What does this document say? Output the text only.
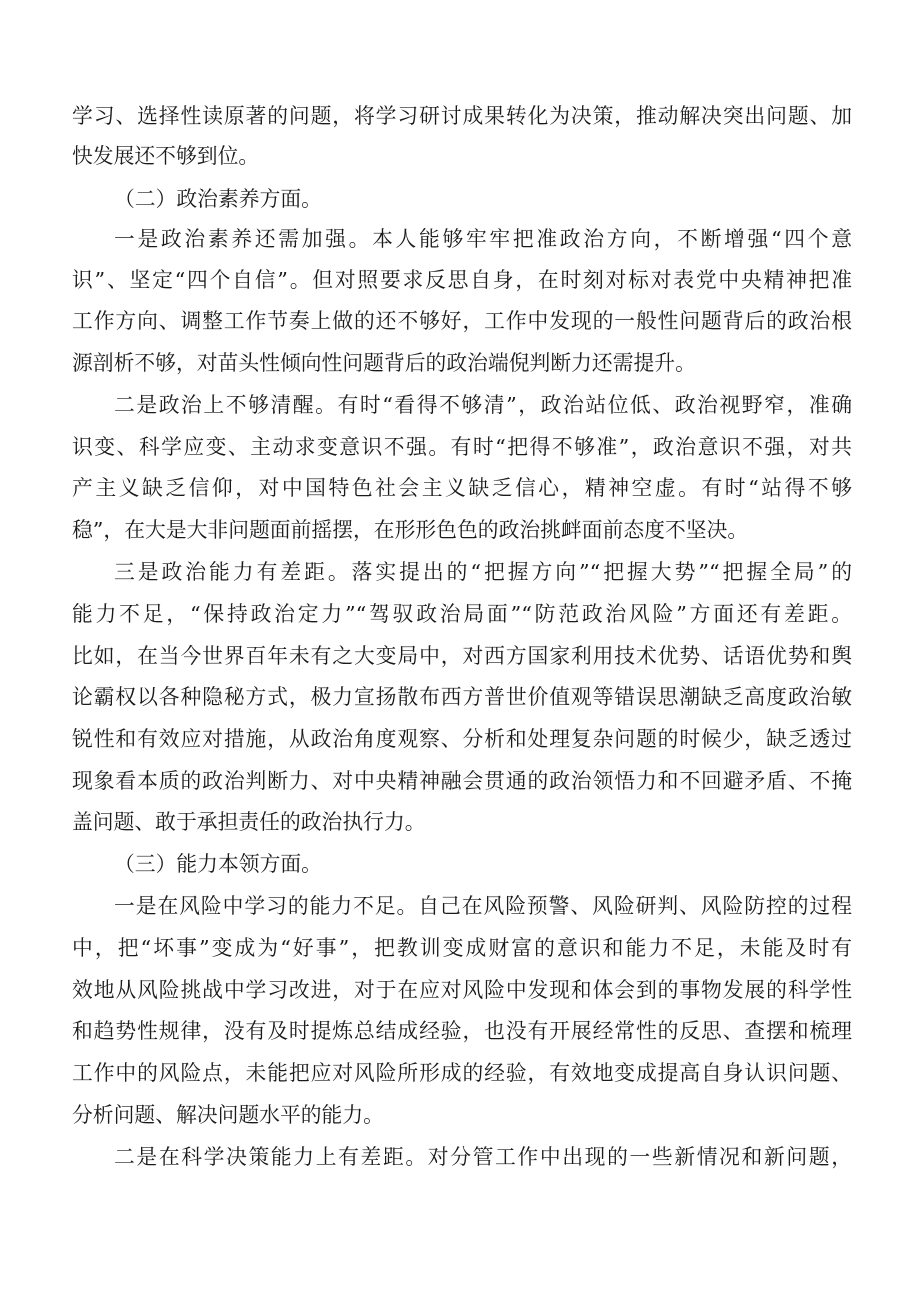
学习、选择性读原著的问题，将学习研讨成果转化为决策，推动解决突出问题、加
快发展还不够到位。
（二）政治素养方面。
一是政治素养还需加强。本人能够牢牢把准政治方向，不断增强“四个意
识”、坚定“四个自信”。但对照要求反思自身，在时刻对标对表党中央精神把准
工作方向、调整工作节奏上做的还不够好，工作中发现的一般性问题背后的政治根
源剖析不够，对苗头性倾向性问题背后的政治端倪判断力还需提升。
二是政治上不够清醒。有时“看得不够清”，政治站位低、政治视野窄，准确
识变、科学应变、主动求变意识不强。有时“把得不够准”，政治意识不强，对共
产主义缺乏信仰，对中国特色社会主义缺乏信心，精神空虚。有时“站得不够
稳”，在大是大非问题面前摇摆，在形形色色的政治挑衅面前态度不坚决。
三是政治能力有差距。落实提出的“把握方向”“把握大势”“把握全局”的
能力不足，“保持政治定力”“驾驭政治局面”“防范政治风险”方面还有差距。
比如，在当今世界百年未有之大变局中，对西方国家利用技术优势、话语优势和舆
论霸权以各种隐秘方式，极力宣扬散布西方普世价值观等错误思潮缺乏高度政治敏
锐性和有效应对措施，从政治角度观察、分析和处理复杂问题的时候少，缺乏透过
现象看本质的政治判断力、对中央精神融会贯通的政治领悟力和不回避矛盾、不掩
盖问题、敢于承担责任的政治执行力。
（三）能力本领方面。
一是在风险中学习的能力不足。自己在风险预警、风险研判、风险防控的过程
中，把“坏事”变成为“好事”，把教训变成财富的意识和能力不足，未能及时有
效地从风险挑战中学习改进，对于在应对风险中发现和体会到的事物发展的科学性
和趋势性规律，没有及时提炼总结成经验，也没有开展经常性的反思、查摆和梳理
工作中的风险点，未能把应对风险所形成的经验，有效地变成提高自身认识问题、
分析问题、解决问题水平的能力。
二是在科学决策能力上有差距。对分管工作中出现的一些新情况和新问题，
